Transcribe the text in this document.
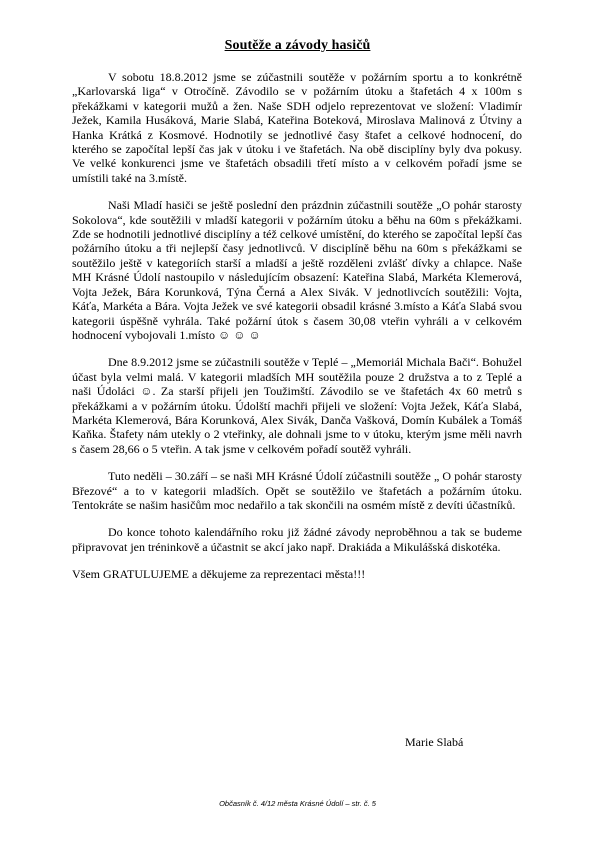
Soutěže a závody hasičů

V sobotu 18.8.2012 jsme se zúčastnili soutěže v požárním sportu a to konkrétně „Karlovarská liga“ v Otročíně. Závodilo se v požárním útoku a štafetách 4 x 100m s překážkami v kategorii mužů a žen. Naše SDH odjelo reprezentovat ve složení: Vladimír Ježek, Kamila Husáková, Marie Slabá, Kateřina Boteková, Miroslava Malinová z Útviny a Hanka Krátká z Kosmové. Hodnotily se jednotlivé časy štafet a celkové hodnocení, do kterého se započítal lepší čas jak v útoku i ve štafetách. Na obě disciplíny byly dva pokusy. Ve velké konkurenci jsme ve štafetách obsadili třetí místo a v celkovém pořadí jsme se umístili také na 3.místě.

Naši Mladí hasiči se ještě poslední den prázdnin zúčastnili soutěže „O pohár starosty Sokolova“, kde soutěžili v mladší kategorii v požárním útoku a běhu na 60m s překážkami. Zde se hodnotili jednotlivé disciplíny a též celkové umístění, do kterého se započítal lepší čas požárního útoku a tři nejlepší časy jednotlivců. V disciplíně běhu na 60m s překážkami se soutěžilo ještě v kategoriích starší a mladší a ještě rozděleni zvlášť dívky a chlapce. Naše MH Krásné Údolí nastoupilo v následujícím obsazení: Kateřina Slabá, Markéta Klemerová, Vojta Ježek, Bára Korunková, Týna Černá a Alex Sivák. V jednotlivcích soutěžili: Vojta, Káťa, Markéta a Bára. Vojta Ježek ve své kategorii obsadil krásné 3.místo a Káťa Slabá svou kategorii úspěšně vyhrála. Také požární útok s časem 30,08 vteřin vyhráli a v celkovém hodnocení vybojovali 1.místo ☺ ☺ ☺

Dne 8.9.2012 jsme se zúčastnili soutěže v Teplé – „Memoriál Michala Bači“. Bohužel účast byla velmi malá. V kategorii mladších MH soutěžila pouze 2 družstva a to z Teplé a naši Údoláci ☺. Za starší přijeli jen Toužimští. Závodilo se ve štafetách 4x 60 metrů s překážkami a v požárním útoku. Údolští machři přijeli ve složení: Vojta Ježek, Káťa Slabá, Markéta Klemerová, Bára Korunková, Alex Sivák, Danča Vašková, Domín Kubálek a Tomáš Kaňka. Štafety nám utekly o 2 vteřinky, ale dohnali jsme to v útoku, kterým jsme měli navrh s časem 28,66 o 5 vteřin. A tak jsme v celkovém pořadí soutěž vyhráli.

Tuto neděli – 30.září – se naši MH Krásné Údolí zúčastnili soutěže „ O pohár starosty Březové“ a to v kategorii mladších. Opět se soutěžilo ve štafetách a požárním útoku. Tentokráte se našim hasičům moc nedařilo a tak skončili na osmém místě z devíti účastníků.

Do konce tohoto kalendářního roku již žádné závody neproběhnou a tak se budeme připravovat jen tréninkově a účastnit se akcí jako např. Drakiáda a Mikulášská diskotéka.

Všem GRATULUJEME a děkujeme za reprezentaci města!!!

Marie Slabá
Občasník č. 4/12 města Krásné Údolí – str. č. 5
